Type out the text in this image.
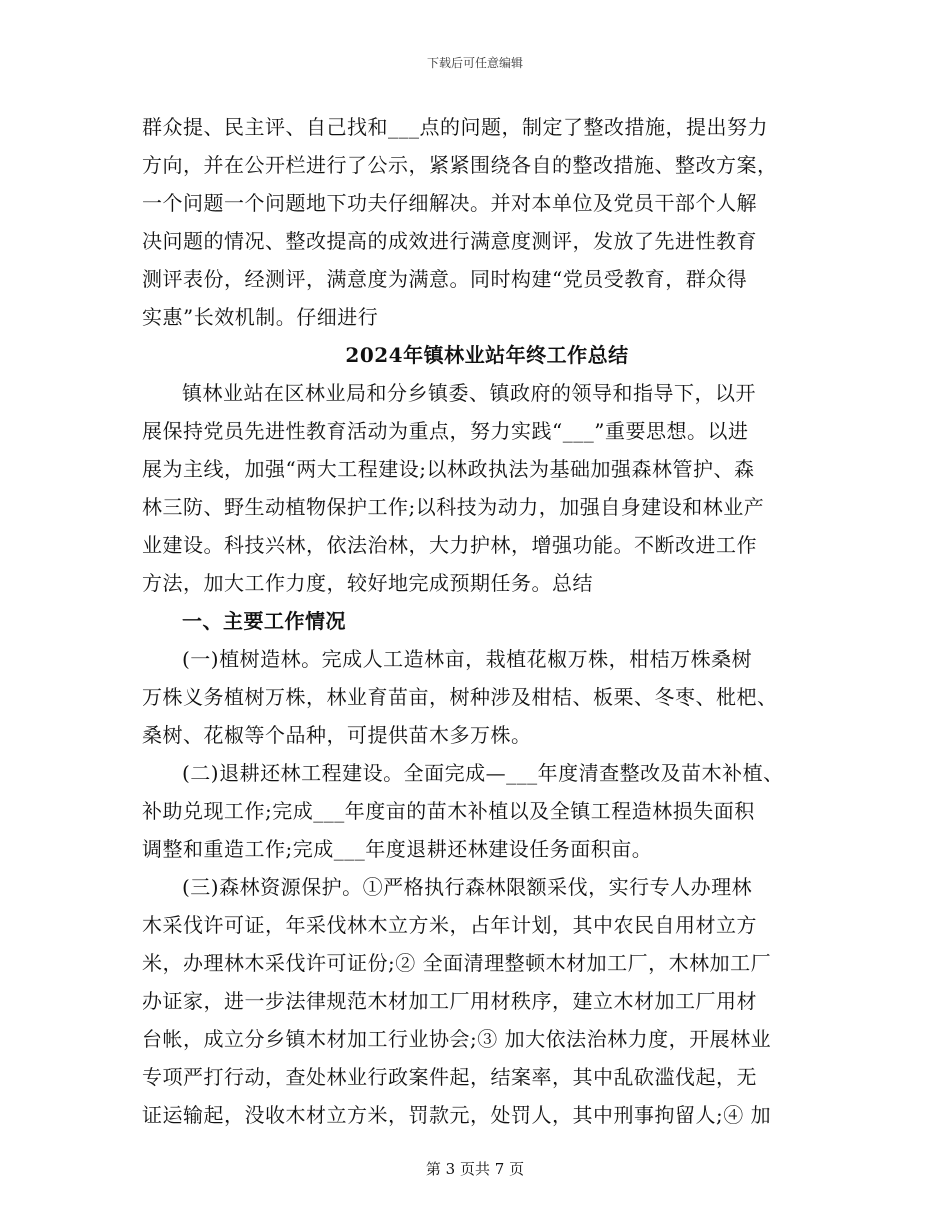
下载后可任意编辑
群众提、民主评、自己找和___点的问题，制定了整改措施，提出努力
方向，并在公开栏进行了公示，紧紧围绕各自的整改措施、整改方案，
一个问题一个问题地下功夫仔细解决。并对本单位及党员干部个人解
决问题的情况、整改提高的成效进行满意度测评，发放了先进性教育
测评表份，经测评，满意度为满意。同时构建“党员受教育，群众得
实惠”长效机制。仔细进行
2024年镇林业站年终工作总结
镇林业站在区林业局和分乡镇委、镇政府的领导和指导下，以开
展保持党员先进性教育活动为重点，努力实践“___”重要思想。以进
展为主线，加强“两大工程建设;以林政执法为基础加强森林管护、森
林三防、野生动植物保护工作;以科技为动力，加强自身建设和林业产
业建设。科技兴林，依法治林，大力护林，增强功能。不断改进工作
方法，加大工作力度，较好地完成预期任务。总结
一、主要工作情况
(一)植树造林。完成人工造林亩，栽植花椒万株，柑桔万株桑树
万株义务植树万株，林业育苗亩，树种涉及柑桔、板栗、冬枣、枇杷、
桑树、花椒等个品种，可提供苗木多万株。
(二)退耕还林工程建设。全面完成—___年度清查整改及苗木补植、
补助兑现工作;完成___年度亩的苗木补植以及全镇工程造林损失面积
调整和重造工作;完成___年度退耕还林建设任务面积亩。
(三)森林资源保护。①严格执行森林限额采伐，实行专人办理林
木采伐许可证，年采伐林木立方米，占年计划，其中农民自用材立方
米，办理林木采伐许可证份;② 全面清理整顿木材加工厂，木林加工厂
办证家，进一步法律规范木材加工厂用材秩序，建立木材加工厂用材
台帐，成立分乡镇木材加工行业协会;③ 加大依法治林力度，开展林业
专项严打行动，查处林业行政案件起，结案率，其中乱砍滥伐起，无
证运输起，没收木材立方米，罚款元，处罚人，其中刑事拘留人;④ 加
第 3 页共 7 页
